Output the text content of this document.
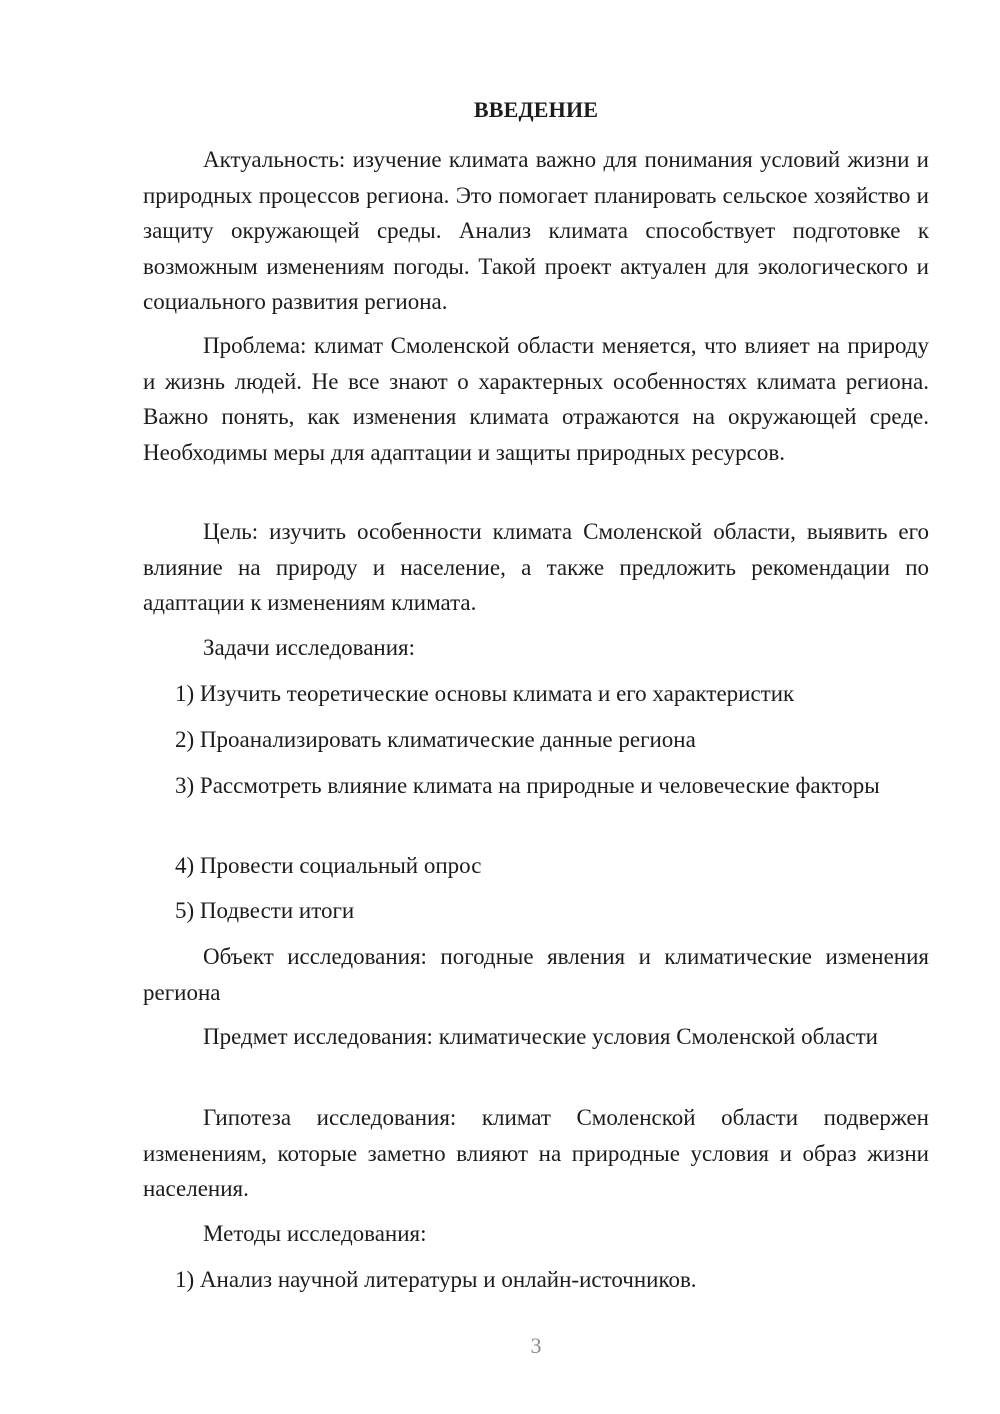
ВВЕДЕНИЕ

Актуальность: изучение климата важно для понимания условий жизни и природных процессов региона. Это помогает планировать сельское хозяйство и защиту окружающей среды. Анализ климата способствует подготовке к возможным изменениям погоды. Такой проект актуален для экологического и социального развития региона.

Проблема: климат Смоленской области меняется, что влияет на природу и жизнь людей. Не все знают о характерных особенностях климата региона. Важно понять, как изменения климата отражаются на окружающей среде. Необходимы меры для адаптации и защиты природных ресурсов.

Цель: изучить особенности климата Смоленской области, выявить его влияние на природу и население, а также предложить рекомендации по адаптации к изменениям климата.

Задачи исследования:

1) Изучить теоретические основы климата и его характеристик

2) Проанализировать климатические данные региона

3) Рассмотреть влияние климата на природные и человеческие факторы

4) Провести социальный опрос

5) Подвести итоги

Объект исследования: погодные явления и климатические изменения региона

Предмет исследования: климатические условия Смоленской области

Гипотеза исследования: климат Смоленской области подвержен изменениям, которые заметно влияют на природные условия и образ жизни населения.

Методы исследования:

1) Анализ научной литературы и онлайн-источников.

3
